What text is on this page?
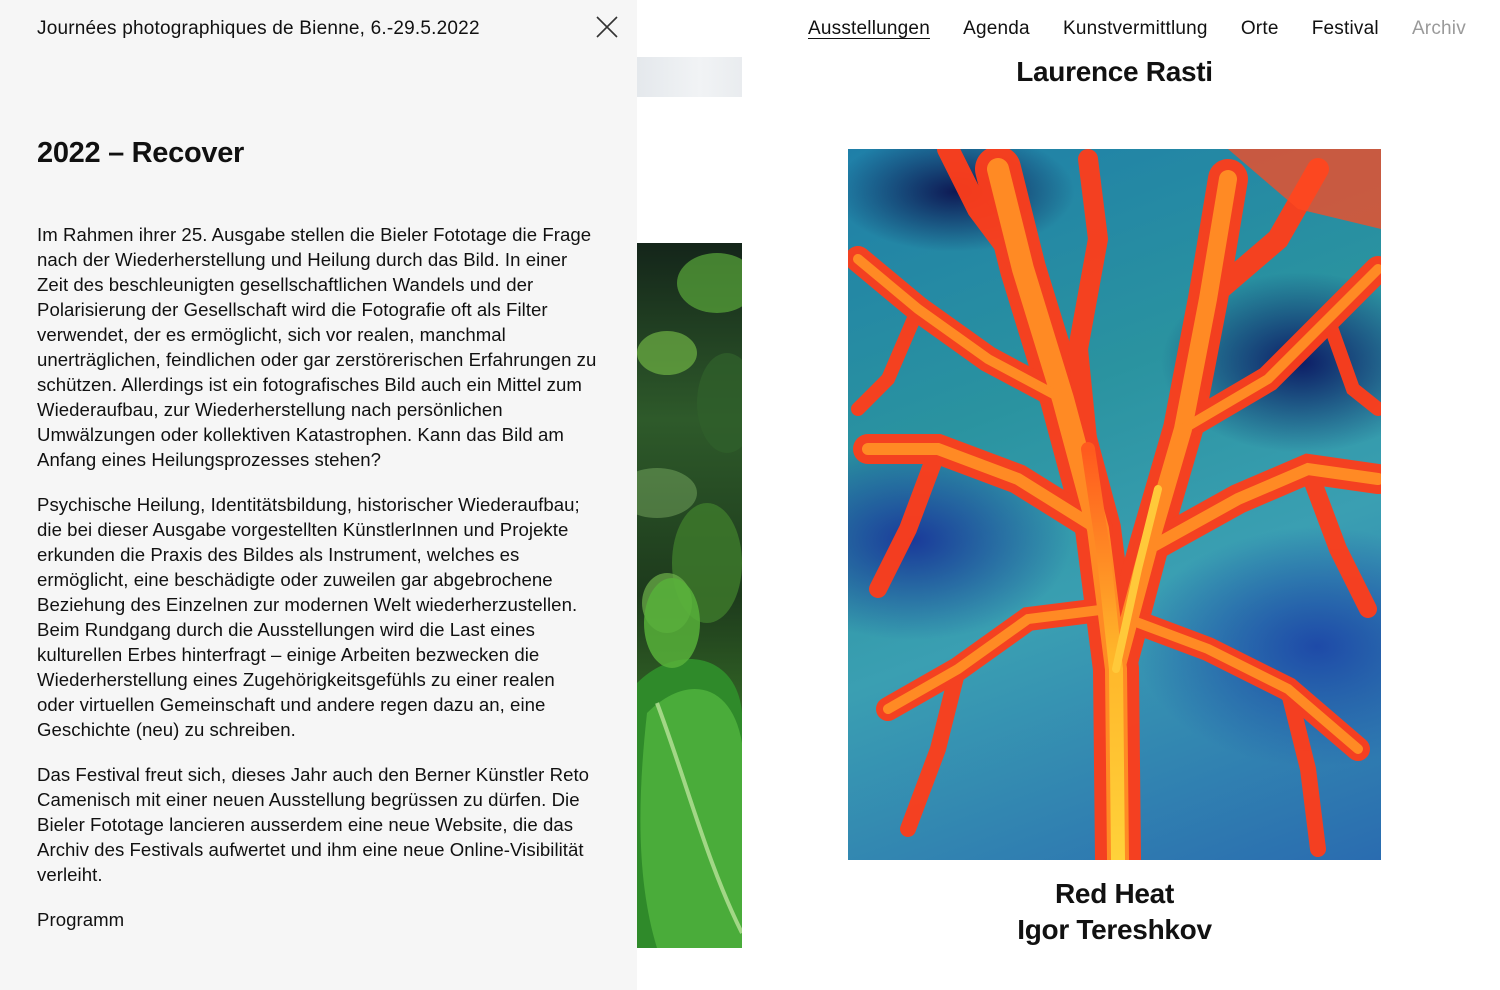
Ausstellungen Agenda Kunstvermittlung Orte Festival Archiv
Laurence Rasti
Red Heat
Igor Tereshkov
Journées photographiques de Bienne, 6.-29.5.2022
2022 – Recover

Im Rahmen ihrer 25. Ausgabe stellen die Bieler Fototage die Frage nach der Wiederherstellung und Heilung durch das Bild. In einer Zeit des beschleunigten gesellschaftlichen Wandels und der Polarisierung der Gesellschaft wird die Fotografie oft als Filter verwendet, der es ermöglicht, sich vor realen, manchmal unerträglichen, feindlichen oder gar zerstörerischen Erfahrungen zu schützen. Allerdings ist ein fotografisches Bild auch ein Mittel zum Wiederaufbau, zur Wiederherstellung nach persönlichen Umwälzungen oder kollektiven Katastrophen. Kann das Bild am Anfang eines Heilungsprozesses stehen?

Psychische Heilung, Identitätsbildung, historischer Wiederaufbau; die bei dieser Ausgabe vorgestellten KünstlerInnen und Projekte erkunden die Praxis des Bildes als Instrument, welches es ermöglicht, eine beschädigte oder zuweilen gar abgebrochene Beziehung des Einzelnen zur modernen Welt wiederherzustellen. Beim Rundgang durch die Ausstellungen wird die Last eines kulturellen Erbes hinterfragt – einige Arbeiten bezwecken die Wiederherstellung eines Zugehörigkeitsgefühls zu einer realen oder virtuellen Gemeinschaft und andere regen dazu an, eine Geschichte (neu) zu schreiben.

Das Festival freut sich, dieses Jahr auch den Berner Künstler Reto Camenisch mit einer neuen Ausstellung begrüssen zu dürfen. Die Bieler Fototage lancieren ausserdem eine neue Website, die das Archiv des Festivals aufwertet und ihm eine neue Online-Visibilität verleiht.

Programm
